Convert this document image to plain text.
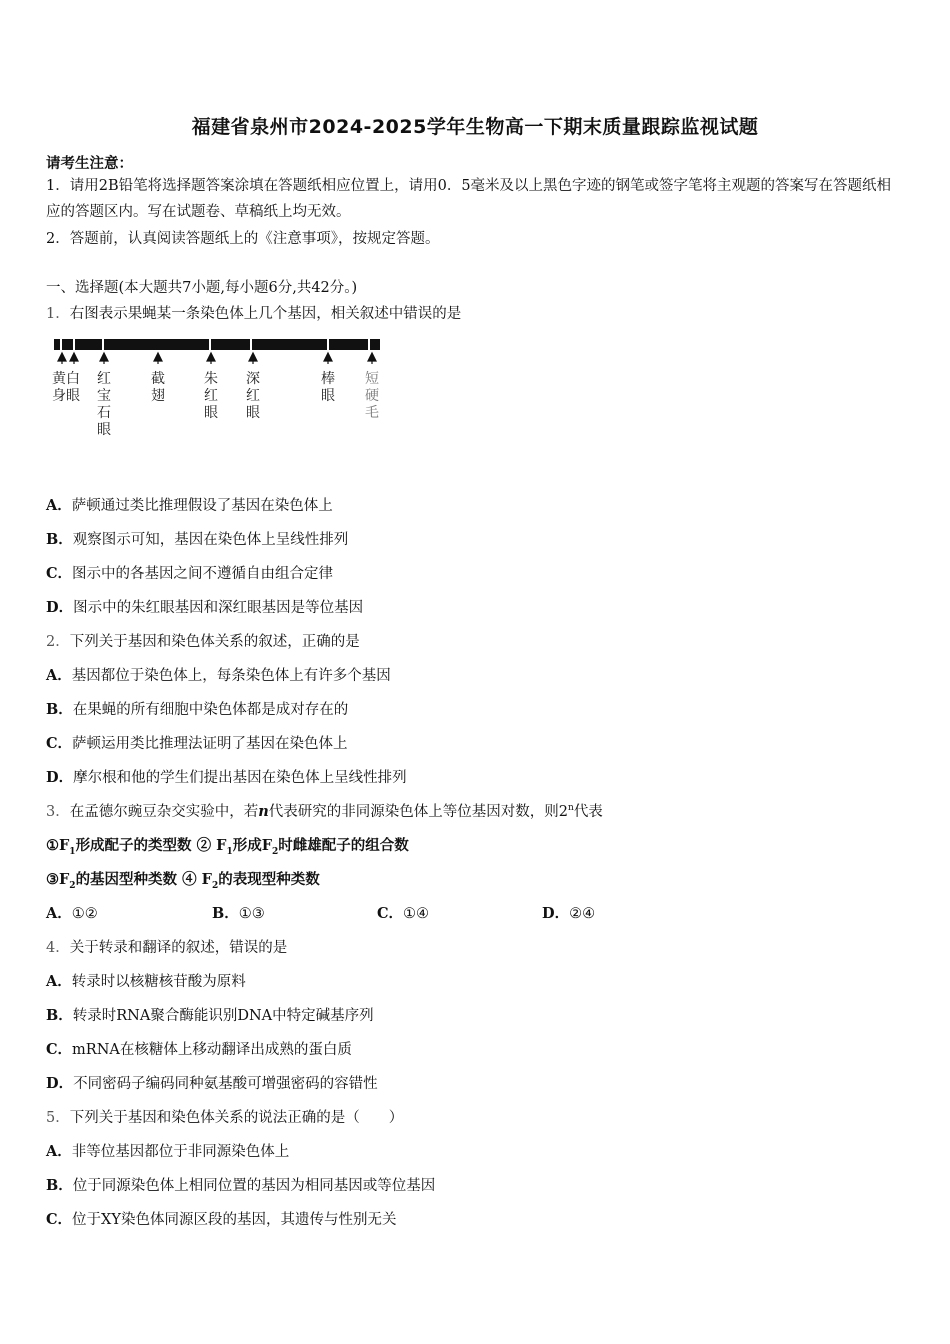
福建省泉州市2024-2025学年生物高一下期末质量跟踪监视试题
请考生注意：
1．请用2B铅笔将选择题答案涂填在答题纸相应位置上，请用0．5毫米及以上黑色字迹的钢笔或签字笔将主观题的答案写在答题纸相应的答题区内。写在试题卷、草稿纸上均无效。
2．答题前，认真阅读答题纸上的《注意事项》，按规定答题。
一、选择题(本大题共7小题,每小题6分,共42分。)
1．右图表示果蝇某一条染色体上几个基因，相关叙述中错误的是
黄白
身眼
红宝石眼
截翅
朱红眼
深红眼
棒眼
短硬毛
A．萨顿通过类比推理假设了基因在染色体上
B．观察图示可知，基因在染色体上呈线性排列
C．图示中的各基因之间不遵循自由组合定律
D．图示中的朱红眼基因和深红眼基因是等位基因
2．下列关于基因和染色体关系的叙述，正确的是
A．基因都位于染色体上，每条染色体上有许多个基因
B．在果蝇的所有细胞中染色体都是成对存在的
C．萨顿运用类比推理法证明了基因在染色体上
D．摩尔根和他的学生们提出基因在染色体上呈线性排列
3．在孟德尔豌豆杂交实验中，若n代表研究的非同源染色体上等位基因对数，则2$^n$代表
$①F_1$形成配子的类型数 ② $F_1$形成$F_2$时雌雄配子的组合数
$③F_2$的基因型种类数 ④ $F_2$的表现型种类数
A．①②	B．①③	C．①④	D．②④
4．关于转录和翻译的叙述，错误的是
A．转录时以核糖核苷酸为原料
B．转录时RNA聚合酶能识别DNA中特定碱基序列
C．mRNA在核糖体上移动翻译出成熟的蛋白质
D．不同密码子编码同种氨基酸可增强密码的容错性
5．下列关于基因和染色体关系的说法正确的是（　　）
A．非等位基因都位于非同源染色体上
B．位于同源染色体上相同位置的基因为相同基因或等位基因
C．位于XY染色体同源区段的基因，其遗传与性别无关
